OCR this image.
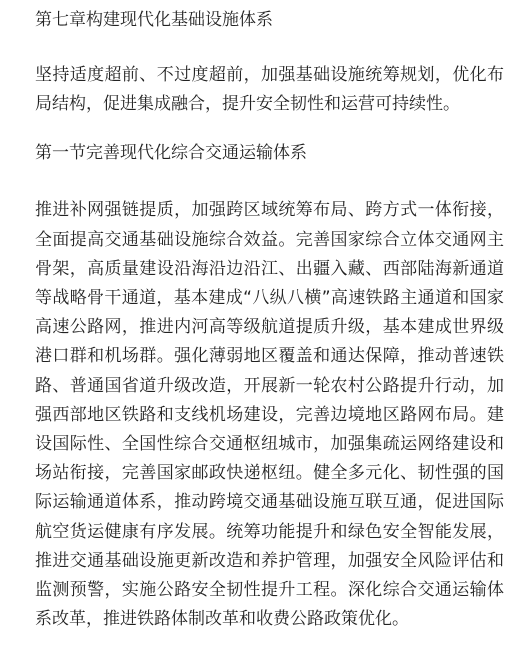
第七章构建现代化基础设施体系

坚持适度超前、不过度超前，加强基础设施统筹规划，优化布局结构，促进集成融合，提升安全韧性和运营可持续性。

第一节完善现代化综合交通运输体系

推进补网强链提质，加强跨区域统筹布局、跨方式一体衔接，全面提高交通基础设施综合效益。完善国家综合立体交通网主骨架，高质量建设沿海沿边沿江、出疆入藏、西部陆海新通道等战略骨干通道，基本建成“八纵八横”高速铁路主通道和国家高速公路网，推进内河高等级航道提质升级，基本建成世界级港口群和机场群。强化薄弱地区覆盖和通达保障，推动普速铁路、普通国省道升级改造，开展新一轮农村公路提升行动，加强西部地区铁路和支线机场建设，完善边境地区路网布局。建设国际性、全国性综合交通枢纽城市，加强集疏运网络建设和场站衔接，完善国家邮政快递枢纽。健全多元化、韧性强的国际运输通道体系，推动跨境交通基础设施互联互通，促进国际航空货运健康有序发展。统筹功能提升和绿色安全智能发展，推进交通基础设施更新改造和养护管理，加强安全风险评估和监测预警，实施公路安全韧性提升工程。深化综合交通运输体系改革，推进铁路体制改革和收费公路政策优化。
